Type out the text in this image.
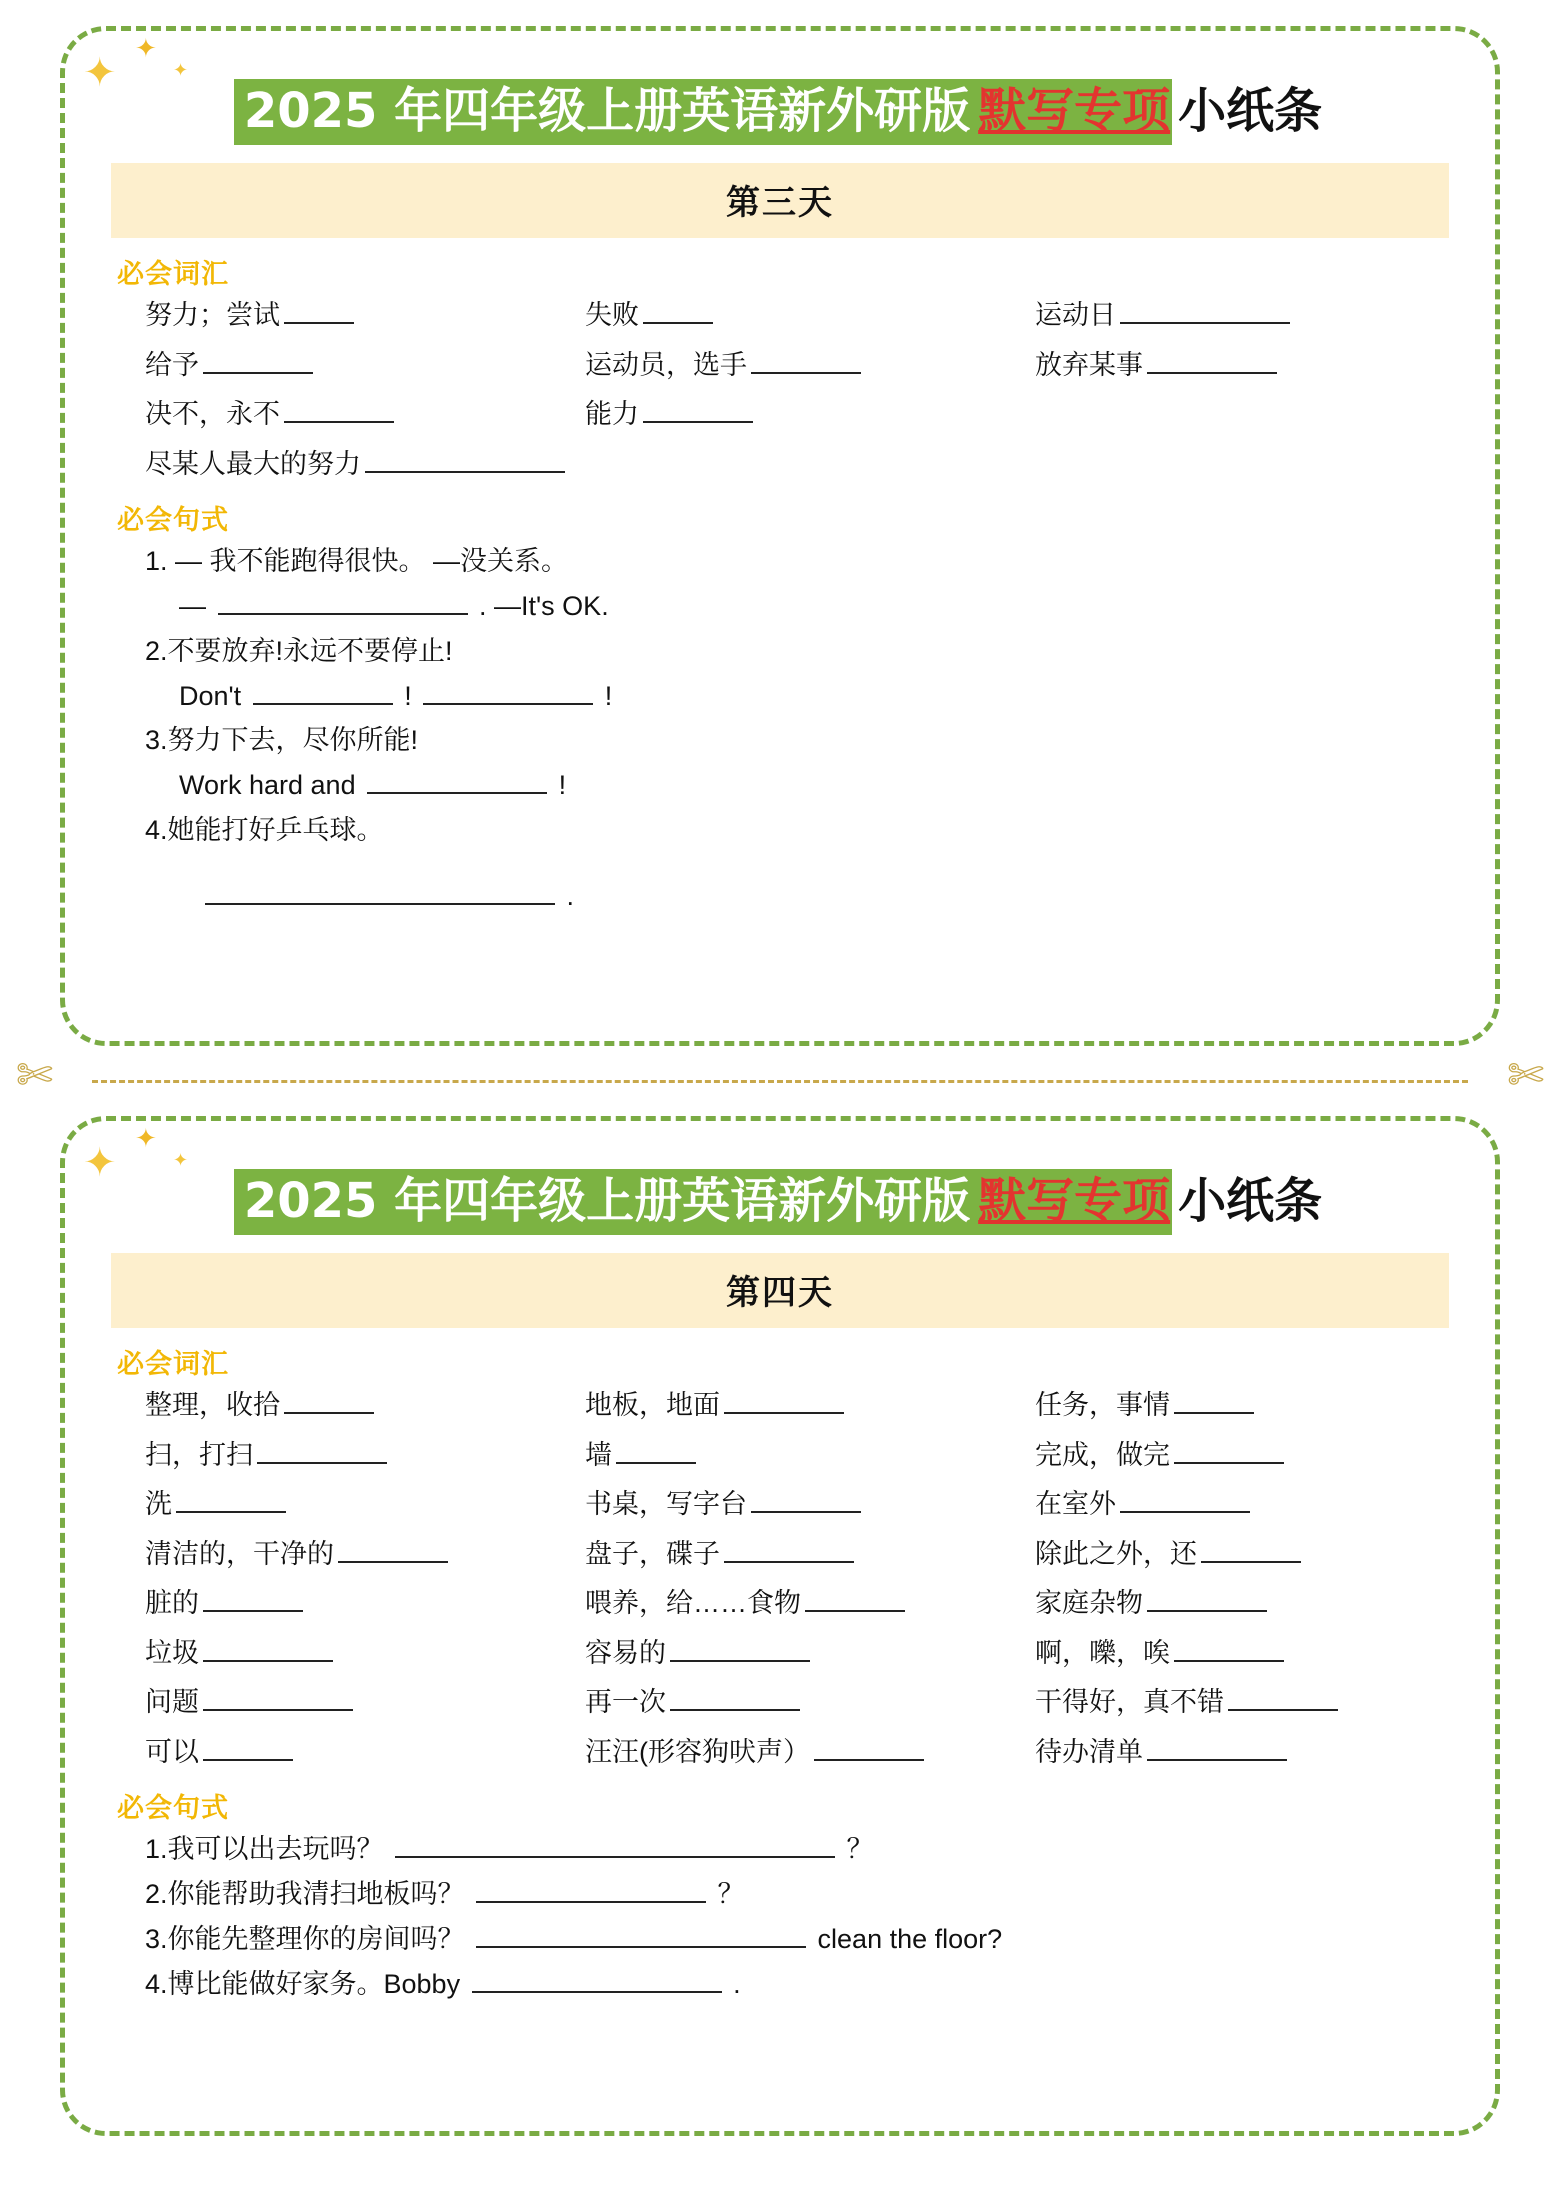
✦
✦
✦
2025 年四年级上册英语新外研版 默写专项 小纸条
第三天
必会词汇
努力；尝试	失败	运动日
给予	运动员，选手	放弃某事
决不，永不	能力
尽某人最大的努力
必会句式
1. — 我不能跑得很快。 —没关系。
—	. —It's OK.
2.不要放弃!永远不要停止!
Don't	!	!
3.努力下去，尽你所能!
Work hard and	!
4.她能打好乒乓球。
.
✄	✄
✦
✦
✦
2025 年四年级上册英语新外研版 默写专项 小纸条
第四天
必会词汇
整理，收拾	地板，地面	任务，事情
扫，打扫	墙	完成，做完
洗	书桌，写字台	在室外
清洁的，干净的	盘子，碟子	除此之外，还
脏的	喂养，给……食物	家庭杂物
垃圾	容易的	啊，嚛，唉
问题	再一次	干得好，真不错
可以	汪汪(形容狗吠声）	待办清单
必会句式
1.我可以出去玩吗？	？
2.你能帮助我清扫地板吗？	？
3.你能先整理你的房间吗？	clean the floor?
4.博比能做好家务。Bobby	.
